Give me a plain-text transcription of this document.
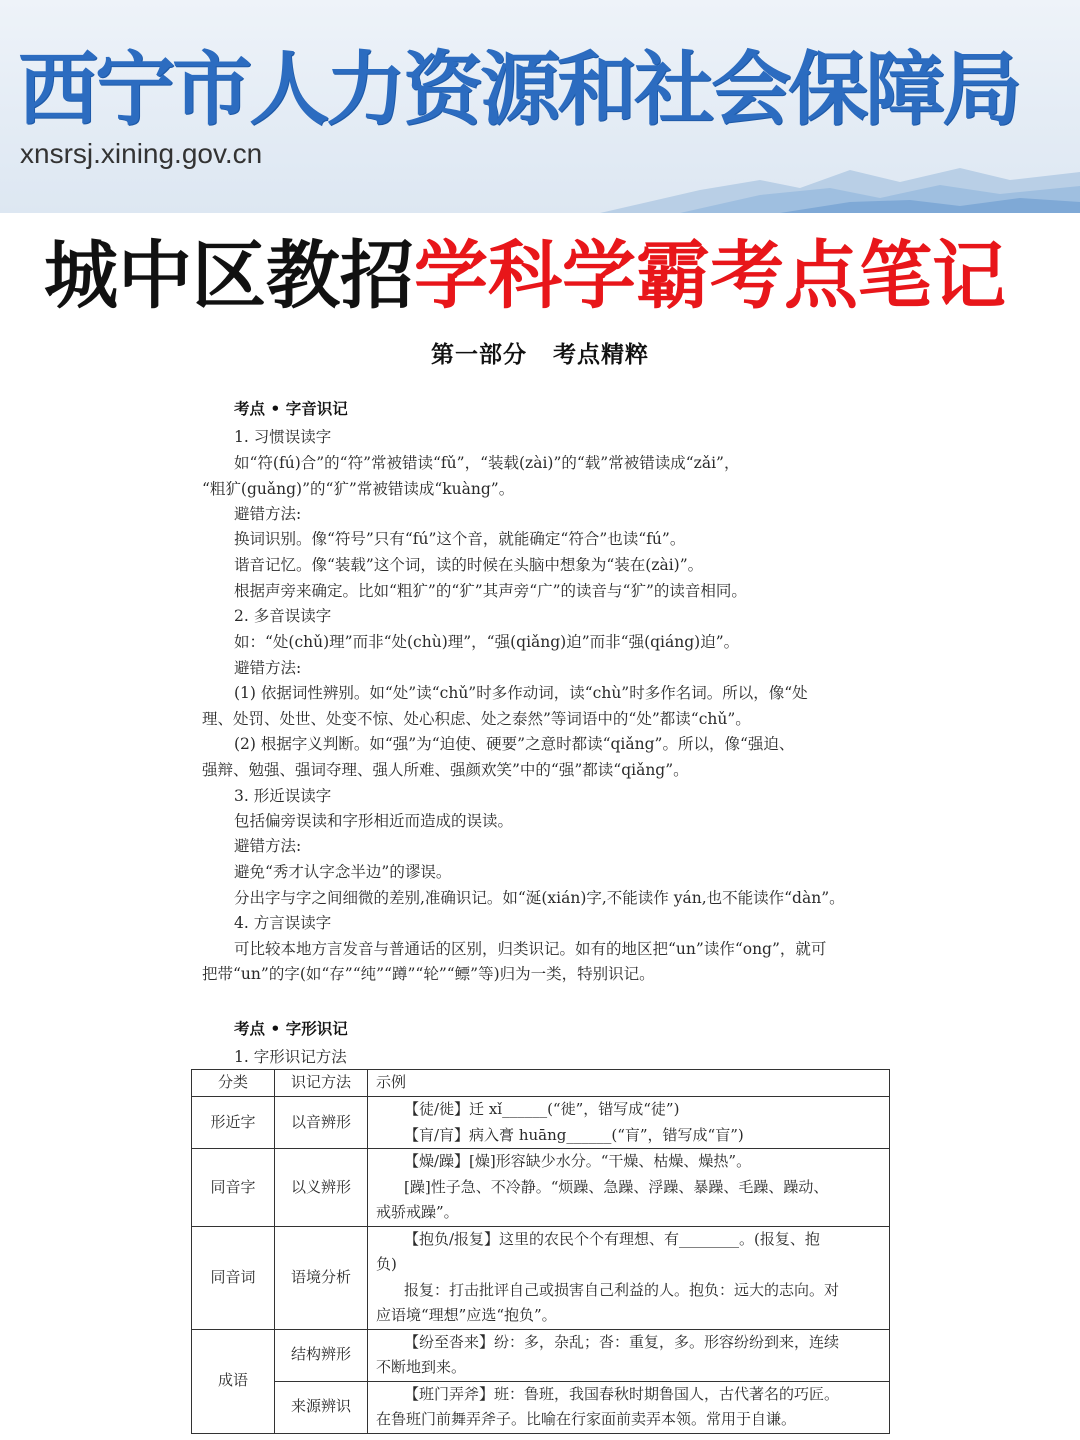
西宁市人力资源和社会保障局
xnsrsj.xining.gov.cn
城中区教招学科学霸考点笔记
第一部分 考点精粹
考点 • 字音识记
1. 习惯误读字
如“符(fú)合”的“符”常被错读“fǔ”，“装载(zài)”的“载”常被错读成“zǎi”，
“粗犷(guǎng)”的“犷”常被错读成“kuàng”。
避错方法:
换词识别。像“符号”只有“fú”这个音，就能确定“符合”也读“fú”。
谐音记忆。像“装载”这个词，读的时候在头脑中想象为“装在(zài)”。
根据声旁来确定。比如“粗犷”的“犷”其声旁“广”的读音与“犷”的读音相同。
2. 多音误读字
如：“处(chǔ)理”而非“处(chù)理”，“强(qiǎng)迫”而非“强(qiáng)迫”。
避错方法:
(1) 依据词性辨别。如“处”读“chǔ”时多作动词，读“chù”时多作名词。所以，像“处
理、处罚、处世、处变不惊、处心积虑、处之泰然”等词语中的“处”都读“chǔ”。
(2) 根据字义判断。如“强”为“迫使、硬要”之意时都读“qiǎng”。所以，像“强迫、
强辩、勉强、强词夺理、强人所难、强颜欢笑”中的“强”都读“qiǎng”。
3. 形近误读字
包括偏旁误读和字形相近而造成的误读。
避错方法:
避免“秀才认字念半边”的谬误。
分出字与字之间细微的差别,准确识记。如“涎(xián)字,不能读作 yán,也不能读作“dàn”。
4. 方言误读字
可比较本地方言发音与普通话的区别，归类识记。如有的地区把“un”读作“ong”，就可
把带“un”的字(如“存”“纯”“蹲”“轮”“鳔”等)归为一类，特别识记。
考点 • 字形识记
1. 字形识记方法
分类	识记方法	示例
形近字	以音辨形	【徒/徙】迁 xǐ______(“徙”，错写成“徒”)
【肓/肓】病入膏 huāng______(“肓”，错写成“盲”)

同音字	以义辨形	【燥/躁】[燥]形容缺少水分。“干燥、枯燥、燥热”。
[躁]性子急、不冷静。“烦躁、急躁、浮躁、暴躁、毛躁、躁动、
戒骄戒躁”。

同音词	语境分析	【抱负/报复】这里的农民个个有理想、有________。(报复、抱
负)
报复：打击批评自己或损害自己利益的人。抱负：远大的志向。对
应语境“理想”应选“抱负”。

成语	结构辨形	【纷至沓来】纷：多，杂乱；沓：重复，多。形容纷纷到来，连续
不断地到来。

	来源辨识	【班门弄斧】班：鲁班，我国春秋时期鲁国人，古代著名的巧匠。
在鲁班门前舞弄斧子。比喻在行家面前卖弄本领。常用于自谦。
